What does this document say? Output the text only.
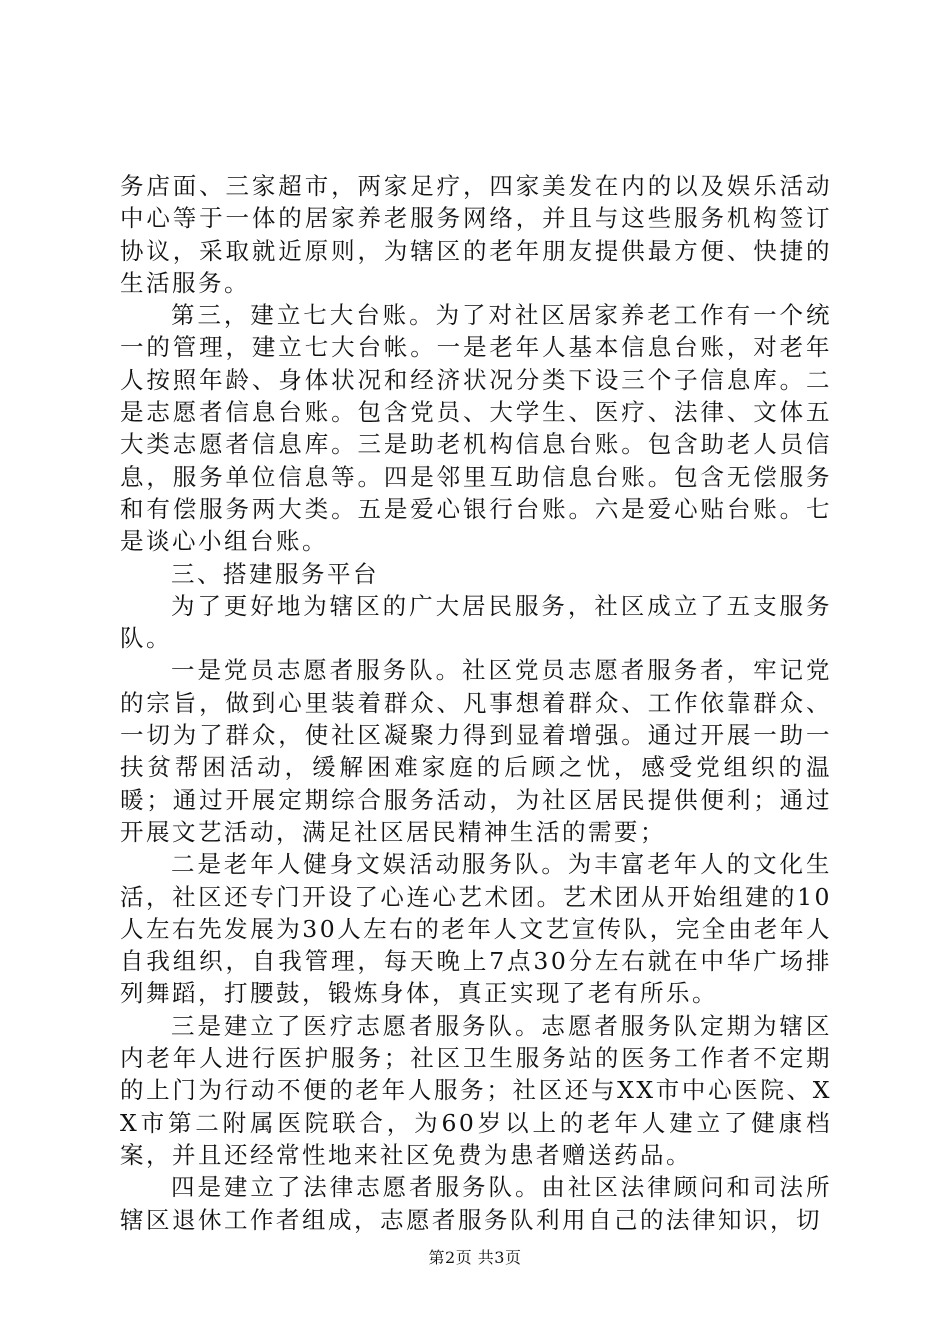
务店面、三家超市，两家足疗，四家美发在内的以及娱乐活动中心等于一体的居家养老服务网络，并且与这些服务机构签订协议，采取就近原则，为辖区的老年朋友提供最方便、快捷的生活服务。

第三，建立七大台账。为了对社区居家养老工作有一个统一的管理，建立七大台帐。一是老年人基本信息台账，对老年人按照年龄、身体状况和经济状况分类下设三个子信息库。二是志愿者信息台账。包含党员、大学生、医疗、法律、文体五大类志愿者信息库。三是助老机构信息台账。包含助老人员信息，服务单位信息等。四是邻里互助信息台账。包含无偿服务和有偿服务两大类。五是爱心银行台账。六是爱心贴台账。七是谈心小组台账。

三、搭建服务平台

为了更好地为辖区的广大居民服务，社区成立了五支服务队。

一是党员志愿者服务队。社区党员志愿者服务者，牢记党的宗旨，做到心里装着群众、凡事想着群众、工作依靠群众、一切为了群众，使社区凝聚力得到显着增强。通过开展一助一扶贫帮困活动，缓解困难家庭的后顾之忧，感受党组织的温暖；通过开展定期综合服务活动，为社区居民提供便利；通过开展文艺活动，满足社区居民精神生活的需要；

二是老年人健身文娱活动服务队。为丰富老年人的文化生活，社区还专门开设了心连心艺术团。艺术团从开始组建的10人左右先发展为30人左右的老年人文艺宣传队，完全由老年人自我组织，自我管理，每天晚上7点30分左右就在中华广场排列舞蹈，打腰鼓，锻炼身体，真正实现了老有所乐。

三是建立了医疗志愿者服务队。志愿者服务队定期为辖区内老年人进行医护服务；社区卫生服务站的医务工作者不定期的上门为行动不便的老年人服务；社区还与XX市中心医院、XX市第二附属医院联合，为60岁以上的老年人建立了健康档案，并且还经常性地来社区免费为患者赠送药品。

四是建立了法律志愿者服务队。由社区法律顾问和司法所辖区退休工作者组成，志愿者服务队利用自己的法律知识，切

第2页 共3页
